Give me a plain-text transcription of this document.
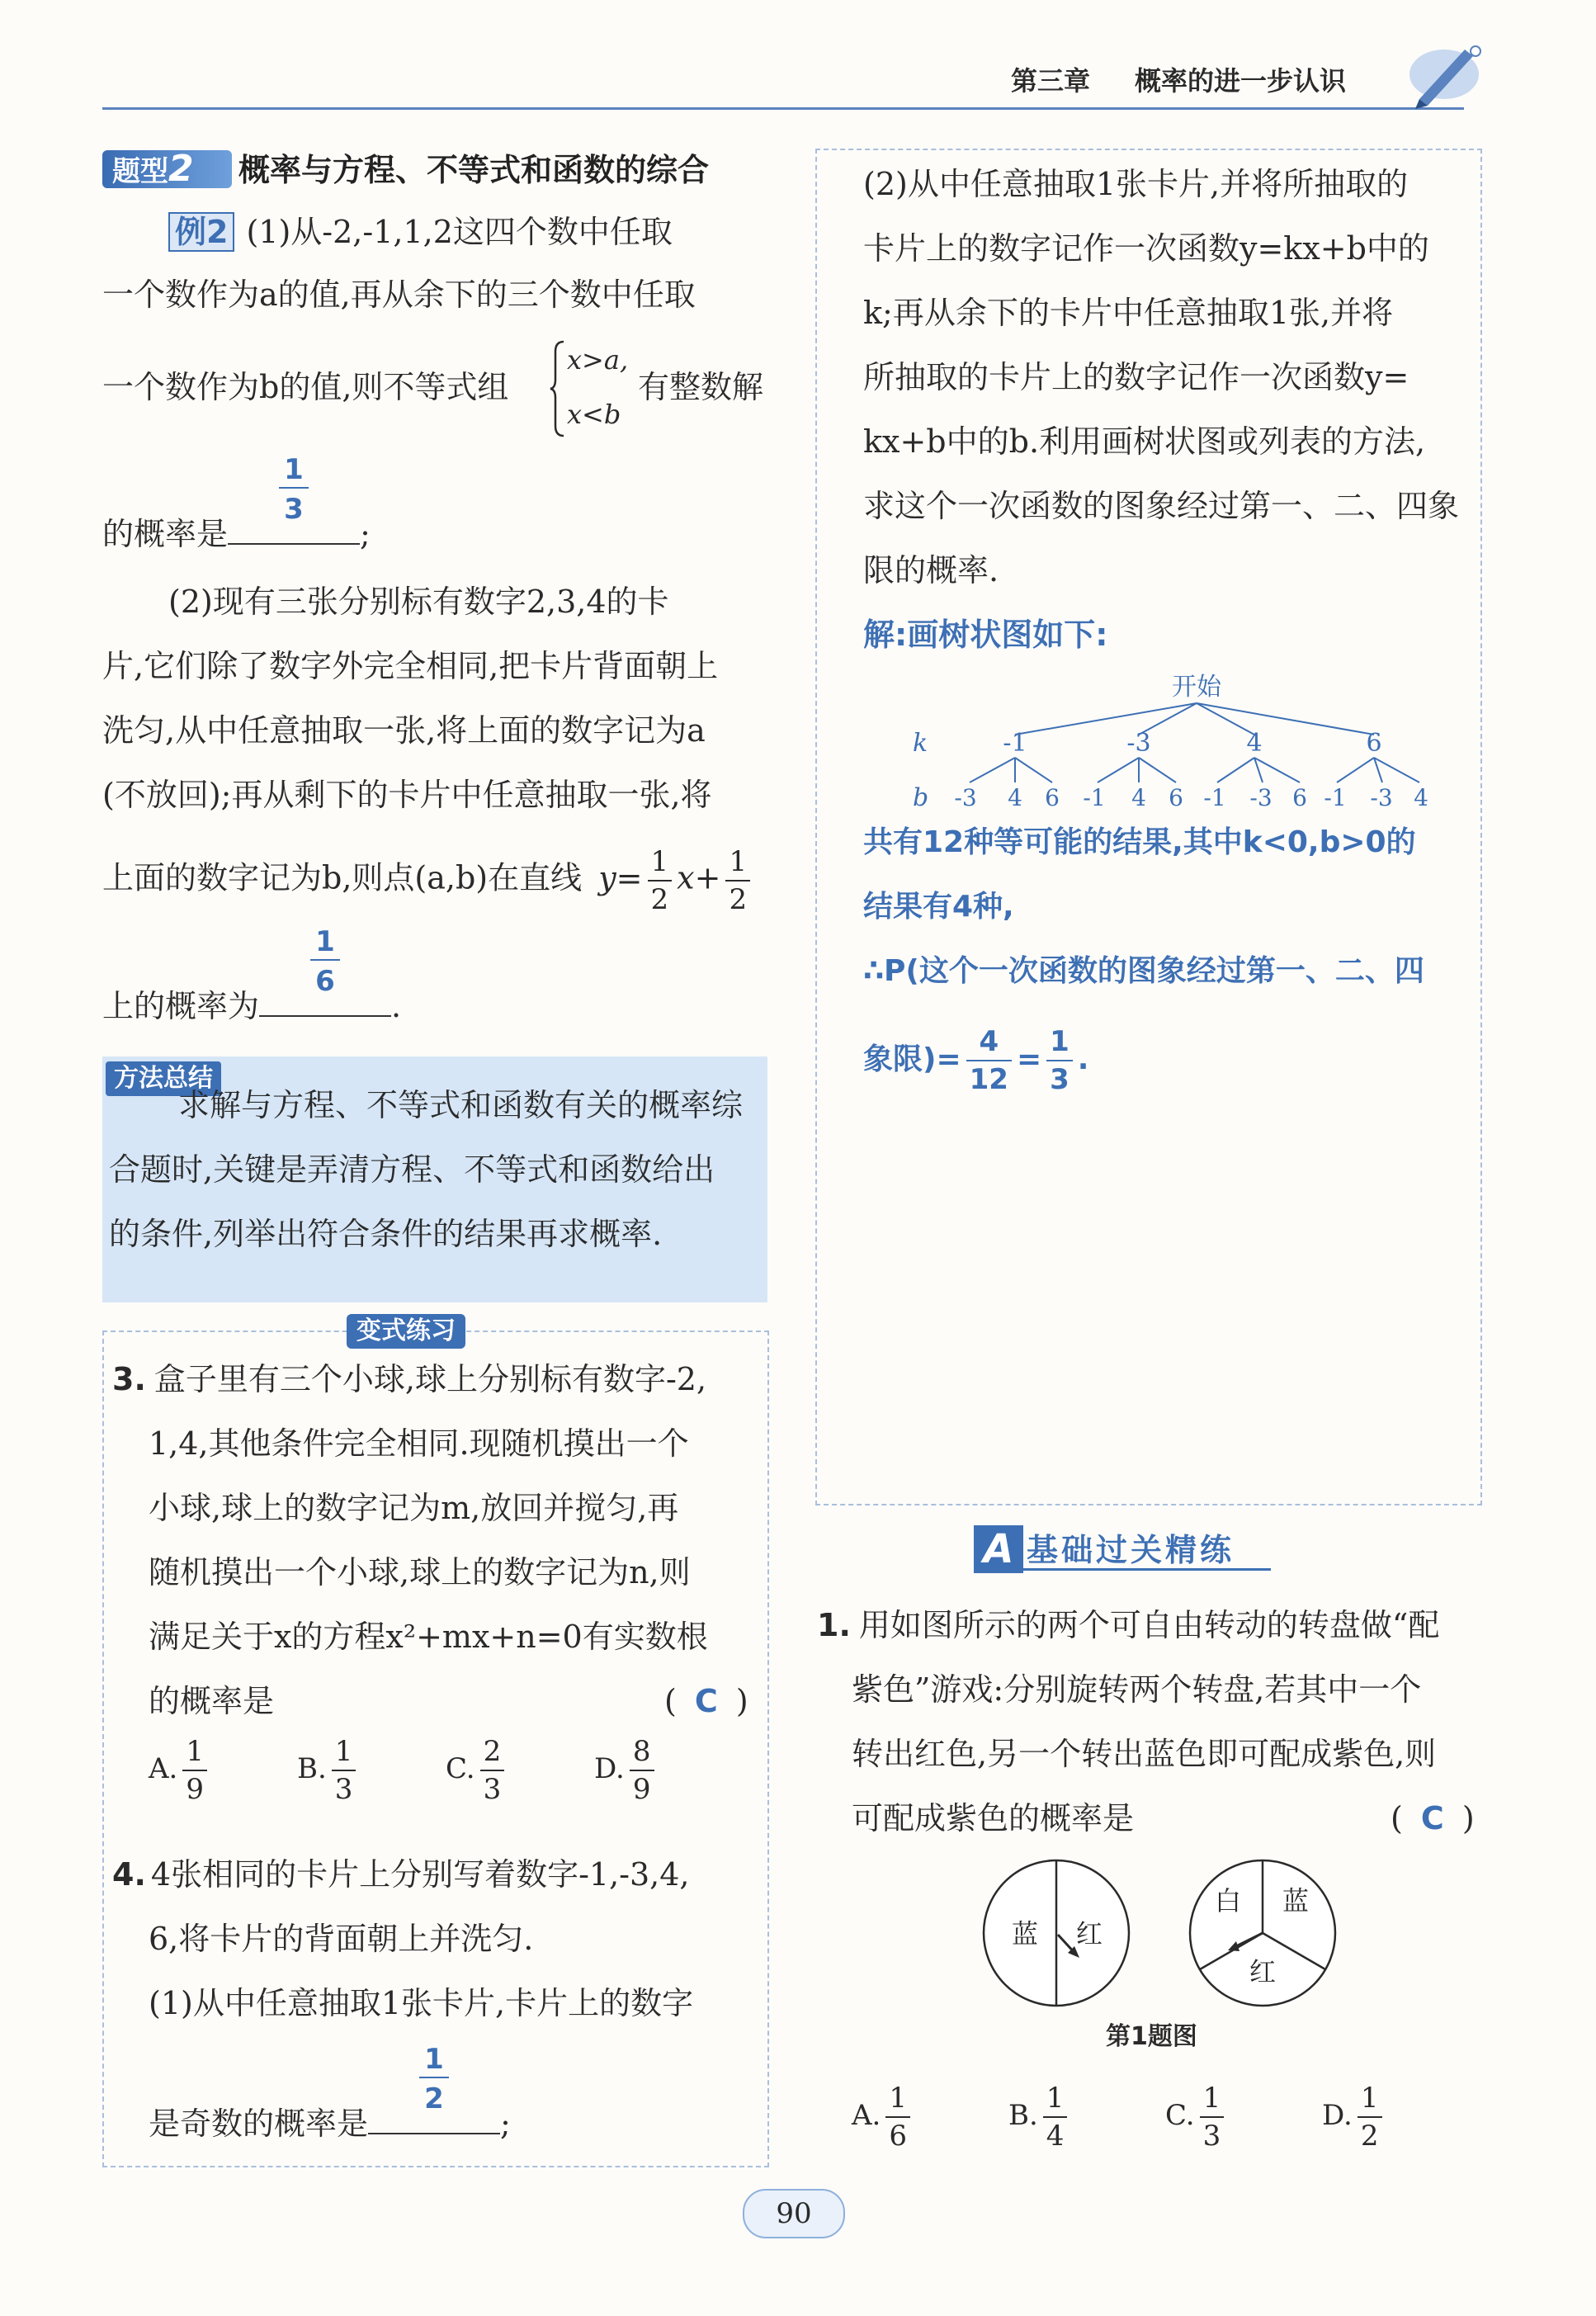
第三章 概率的进一步认识
题型2	概率与方程、不等式和函数的综合
例2 (1)从-2,-1,1,2这四个数中任取
一个数作为a的值,再从余下的三个数中任取
一个数作为b的值,则不等式组
x>a,
x<b
有整数解
的概率是 $\frac{1}{3}$ ;
(2)现有三张分别标有数字2,3,4的卡
片,它们除了数字外完全相同,把卡片背面朝上
洗匀,从中任意抽取一张,将上面的数字记为a
(不放回);再从剩下的卡片中任意抽取一张,将
上面的数字记为b,则点(a,b)在直线 $y= \frac{1}{2} x+ \frac{1}{2}$
上的概率为 $\frac{1}{6}$ .
方法总结
求解与方程、不等式和函数有关的概率综
合题时,关键是弄清方程、不等式和函数给出
的条件,列举出符合条件的结果再求概率.
变式练习
3. 盒子里有三个小球,球上分别标有数字-2,
1,4,其他条件完全相同.现随机摸出一个
小球,球上的数字记为m,放回并搅匀,再
随机摸出一个小球,球上的数字记为n,则
满足关于x的方程x²+mx+n=0有实数根
的概率是	( C )
A. $\frac{1}{9}$	B. $\frac{1}{3}$	C. $\frac{2}{3}$	D. $\frac{8}{9}$
4. 4张相同的卡片上分别写着数字-1,-3,4,
6,将卡片的背面朝上并洗匀.
(1)从中任意抽取1张卡片,卡片上的数字
是奇数的概率是 $\frac{1}{2}$ ;
(2)从中任意抽取1张卡片,并将所抽取的
卡片上的数字记作一次函数y=kx+b中的
k;再从余下的卡片中任意抽取1张,并将
所抽取的卡片上的数字记作一次函数y=
kx+b中的b.利用画树状图或列表的方法,
求这个一次函数的图象经过第一、二、四象
限的概率.
解:画树状图如下:
开始
k	-1	-3	4	6
b -3 4 6 -1 4 6 -1 -3 6 -1 -3 4
共有12种等可能的结果,其中k<0,b>0的
结果有4种,
∴P(这个一次函数的图象经过第一、二、四
象限)= $\frac{4}{12} = \frac{1}{3}$ .
A 基础过关精练
1. 用如图所示的两个可自由转动的转盘做“配
紫色”游戏:分别旋转两个转盘,若其中一个
转出红色,另一个转出蓝色即可配成紫色,则
可配成紫色的概率是	( C )
蓝 红
白 蓝
红
第1题图
A. $\frac{1}{6}$	B. $\frac{1}{4}$	C. $\frac{1}{3}$	D. $\frac{1}{2}$
90
